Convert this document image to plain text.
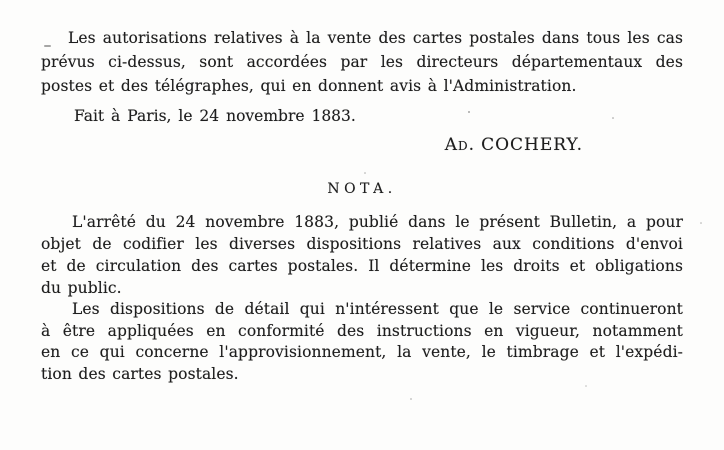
Les autorisations relatives à la vente des cartes postales dans tous les cas
prévus ci-dessus, sont accordées par les directeurs départementaux des
postes et des télégraphes, qui en donnent avis à l'Administration.
Fait à Paris, le 24 novembre 1883.
Ad. COCHERY.
NOTA.
L'arrêté du 24 novembre 1883, publié dans le présent Bulletin, a pour
objet de codifier les diverses dispositions relatives aux conditions d'envoi
et de circulation des cartes postales. Il détermine les droits et obligations
du public.
Les dispositions de détail qui n'intéressent que le service continueront
à être appliquées en conformité des instructions en vigueur, notamment
en ce qui concerne l'approvisionnement, la vente, le timbrage et l'expédi-
tion des cartes postales.
